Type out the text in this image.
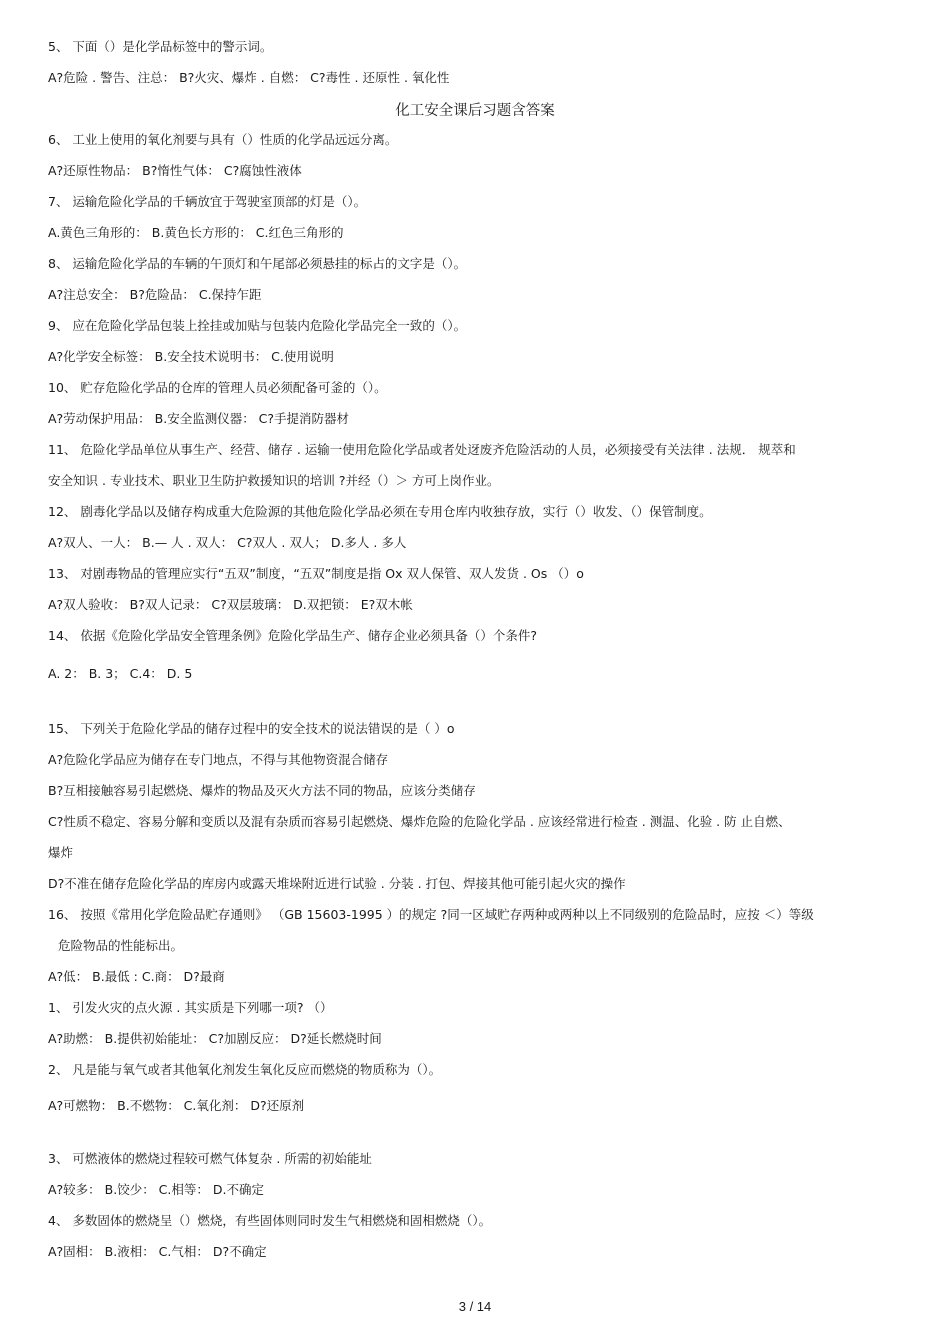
5、 下面（）是化学品标签中的警示词。
A?危险 . 警告、注总： B?火灾、爆炸 . 自燃： C?毒性 . 还原性 . 氧化性
化工安全课后习题含答案
6、 工业上使用的氧化剂要与具有（）性质的化学品远远分离。
A?还原性物品： B?惰性气体： C?腐蚀性液体
7、 运输危险化学品的千辆放宜于驾驶室顶部的灯是（）。
A.黄色三角形的： B.黄色长方形的： C.红色三角形的
8、 运输危险化学品的车辆的午顶灯和午尾部必须悬挂的标占的文字是（）。
A?注总安全： B?危险品： C.保持乍距
9、 应在危险化学品包装上拴挂或加贴与包装内危险化学品完全一致的（）。
A?化学安全标签： B.安全技术说明书： C.使用说明
10、 贮存危险化学品的仓库的管理人员必须配备可釜的（）。
A?劳动保护用品： B.安全监测仪器： C?手提消防器材
11、 危险化学品单位从事生产、经营、储存 . 运输一使用危险化学品或者处迓废齐危险活动的人员，必须接受有关法律 . 法规． 规萃和
安全知识 . 专业技术、职业卫生防护救援知识的培训 ?并经（）＞ 方可上岗作业。
12、 剧毒化学品以及储存构成重大危险源的其他危险化学品必须在专用仓库内收独存放，实行（）收发、（）保管制度。
A?双人、一人： B.— 人 . 双人： C?双人 . 双人； D.多人 . 多人
13、 对剧毒物品的管理应实行“五双”制度，“五双”制度是指 Ox 双人保管、双人发货 . Os （）o
A?双人验收： B?双人记录： C?双层玻璃： D.双把锁： E?双木帐
14、 依据《危险化学品安全管理条例》危险化学品生产、储存企业必须具备（）个条件?
A. 2： B. 3； C.4： D. 5
15、 下列关于危险化学品的储存过程中的安全技术的说法错误的是（ ）o
A?危险化学品应为储存在专门地点，不得与其他物资混合储存
B?互相接触容易引起燃烧、爆炸的物品及灭火方法不同的物品，应该分类储存
C?性质不稳定、容易分解和变质以及混有杂质而容易引起燃烧、爆炸危险的危险化学品 . 应该经常进行检查 . 测温、化验 . 防 止自燃、
爆炸
D?不准在储存危险化学品的库房内或露天堆垛附近进行试验 . 分装 . 打包、焊接其他可能引起火灾的操作
16、 按照《常用化学危险品贮存通则》 （GB 15603-1995 ）的规定 ?同一区域贮存两种或两种以上不同级别的危险品时，应按 ＜）等级
危险物品的性能标出。
A?低： B.最低 : C.商： D?最商
1、 引发火灾的点火源 . 其实质是下列哪一项? （）
A?助燃： B.提供初始能址： C?加剧反应： D?延长燃烧时间
2、 凡是能与氧气或者其他氧化剂发生氧化反应而燃烧的物质称为（）。
A?可燃物： B.不燃物： C.氧化剂： D?还原剂
3、 可燃液体的燃烧过程较可燃气体复杂 . 所需的初始能址
A?较多： B.饺少： C.相等： D.不确定
4、 多数固体的燃烧呈（）燃烧，有些固体则同时发生气相燃烧和固相燃烧（）。
A?固相： B.液相： C.气相： D?不确定
3 / 14
